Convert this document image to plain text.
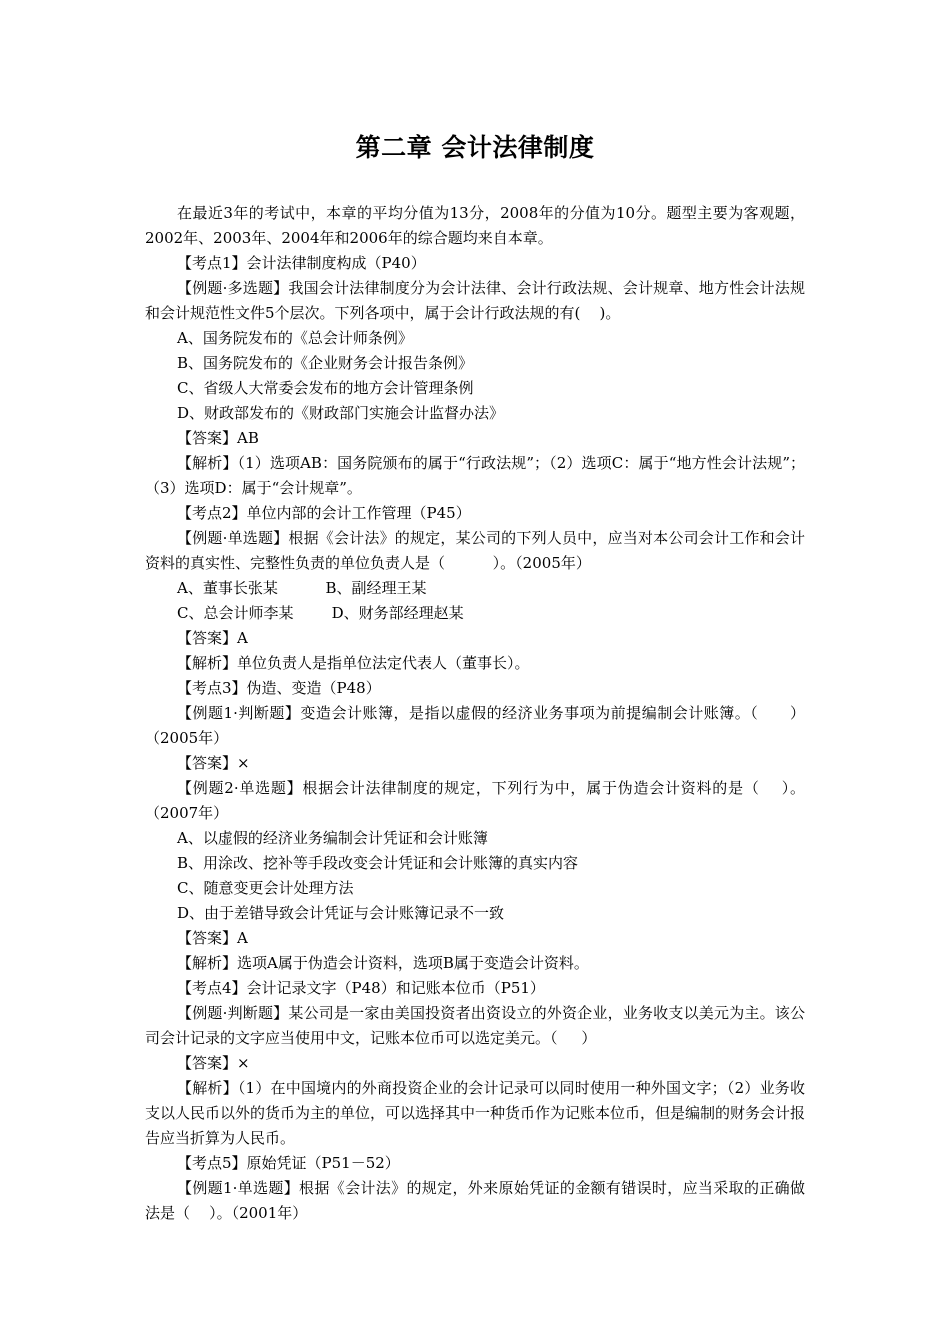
第二章 会计法律制度

在最近3年的考试中，本章的平均分值为13分，2008年的分值为10分。题型主要为客观题，2002年、2003年、2004年和2006年的综合题均来自本章。

【考点1】会计法律制度构成（P40）

【例题·多选题】我国会计法律制度分为会计法律、会计行政法规、会计规章、地方性会计法规和会计规范性文件5个层次。下列各项中，属于会计行政法规的有(    )。

A、国务院发布的《总会计师条例》

B、国务院发布的《企业财务会计报告条例》

C、省级人大常委会发布的地方会计管理条例

D、财政部发布的《财政部门实施会计监督办法》

【答案】AB

【解析】（1）选项AB：国务院颁布的属于“行政法规”；（2）选项C：属于“地方性会计法规”；（3）选项D：属于“会计规章”。

【考点2】单位内部的会计工作管理（P45）

【例题·单选题】根据《会计法》的规定，某公司的下列人员中，应当对本公司会计工作和会计资料的真实性、完整性负责的单位负责人是（          ）。（2005年）

A、董事长张某          B、副经理王某

C、总会计师李某        D、财务部经理赵某

【答案】A

【解析】单位负责人是指单位法定代表人（董事长）。

【考点3】伪造、变造（P48）

【例题1·判断题】变造会计账簿，是指以虚假的经济业务事项为前提编制会计账簿。（      ）（2005年）

【答案】×

【例题2·单选题】根据会计法律制度的规定，下列行为中，属于伪造会计资料的是（    ）。（2007年）

A、以虚假的经济业务编制会计凭证和会计账簿

B、用涂改、挖补等手段改变会计凭证和会计账簿的真实内容

C、随意变更会计处理方法

D、由于差错导致会计凭证与会计账簿记录不一致

【答案】A

【解析】选项A属于伪造会计资料，选项B属于变造会计资料。

【考点4】会计记录文字（P48）和记账本位币（P51）

【例题·判断题】某公司是一家由美国投资者出资设立的外资企业，业务收支以美元为主。该公司会计记录的文字应当使用中文，记账本位币可以选定美元。（     ）

【答案】×

【解析】（1）在中国境内的外商投资企业的会计记录可以同时使用一种外国文字；（2）业务收支以人民币以外的货币为主的单位，可以选择其中一种货币作为记账本位币，但是编制的财务会计报告应当折算为人民币。

【考点5】原始凭证（P51－52）

【例题1·单选题】根据《会计法》的规定，外来原始凭证的金额有错误时，应当采取的正确做法是（    ）。（2001年）
